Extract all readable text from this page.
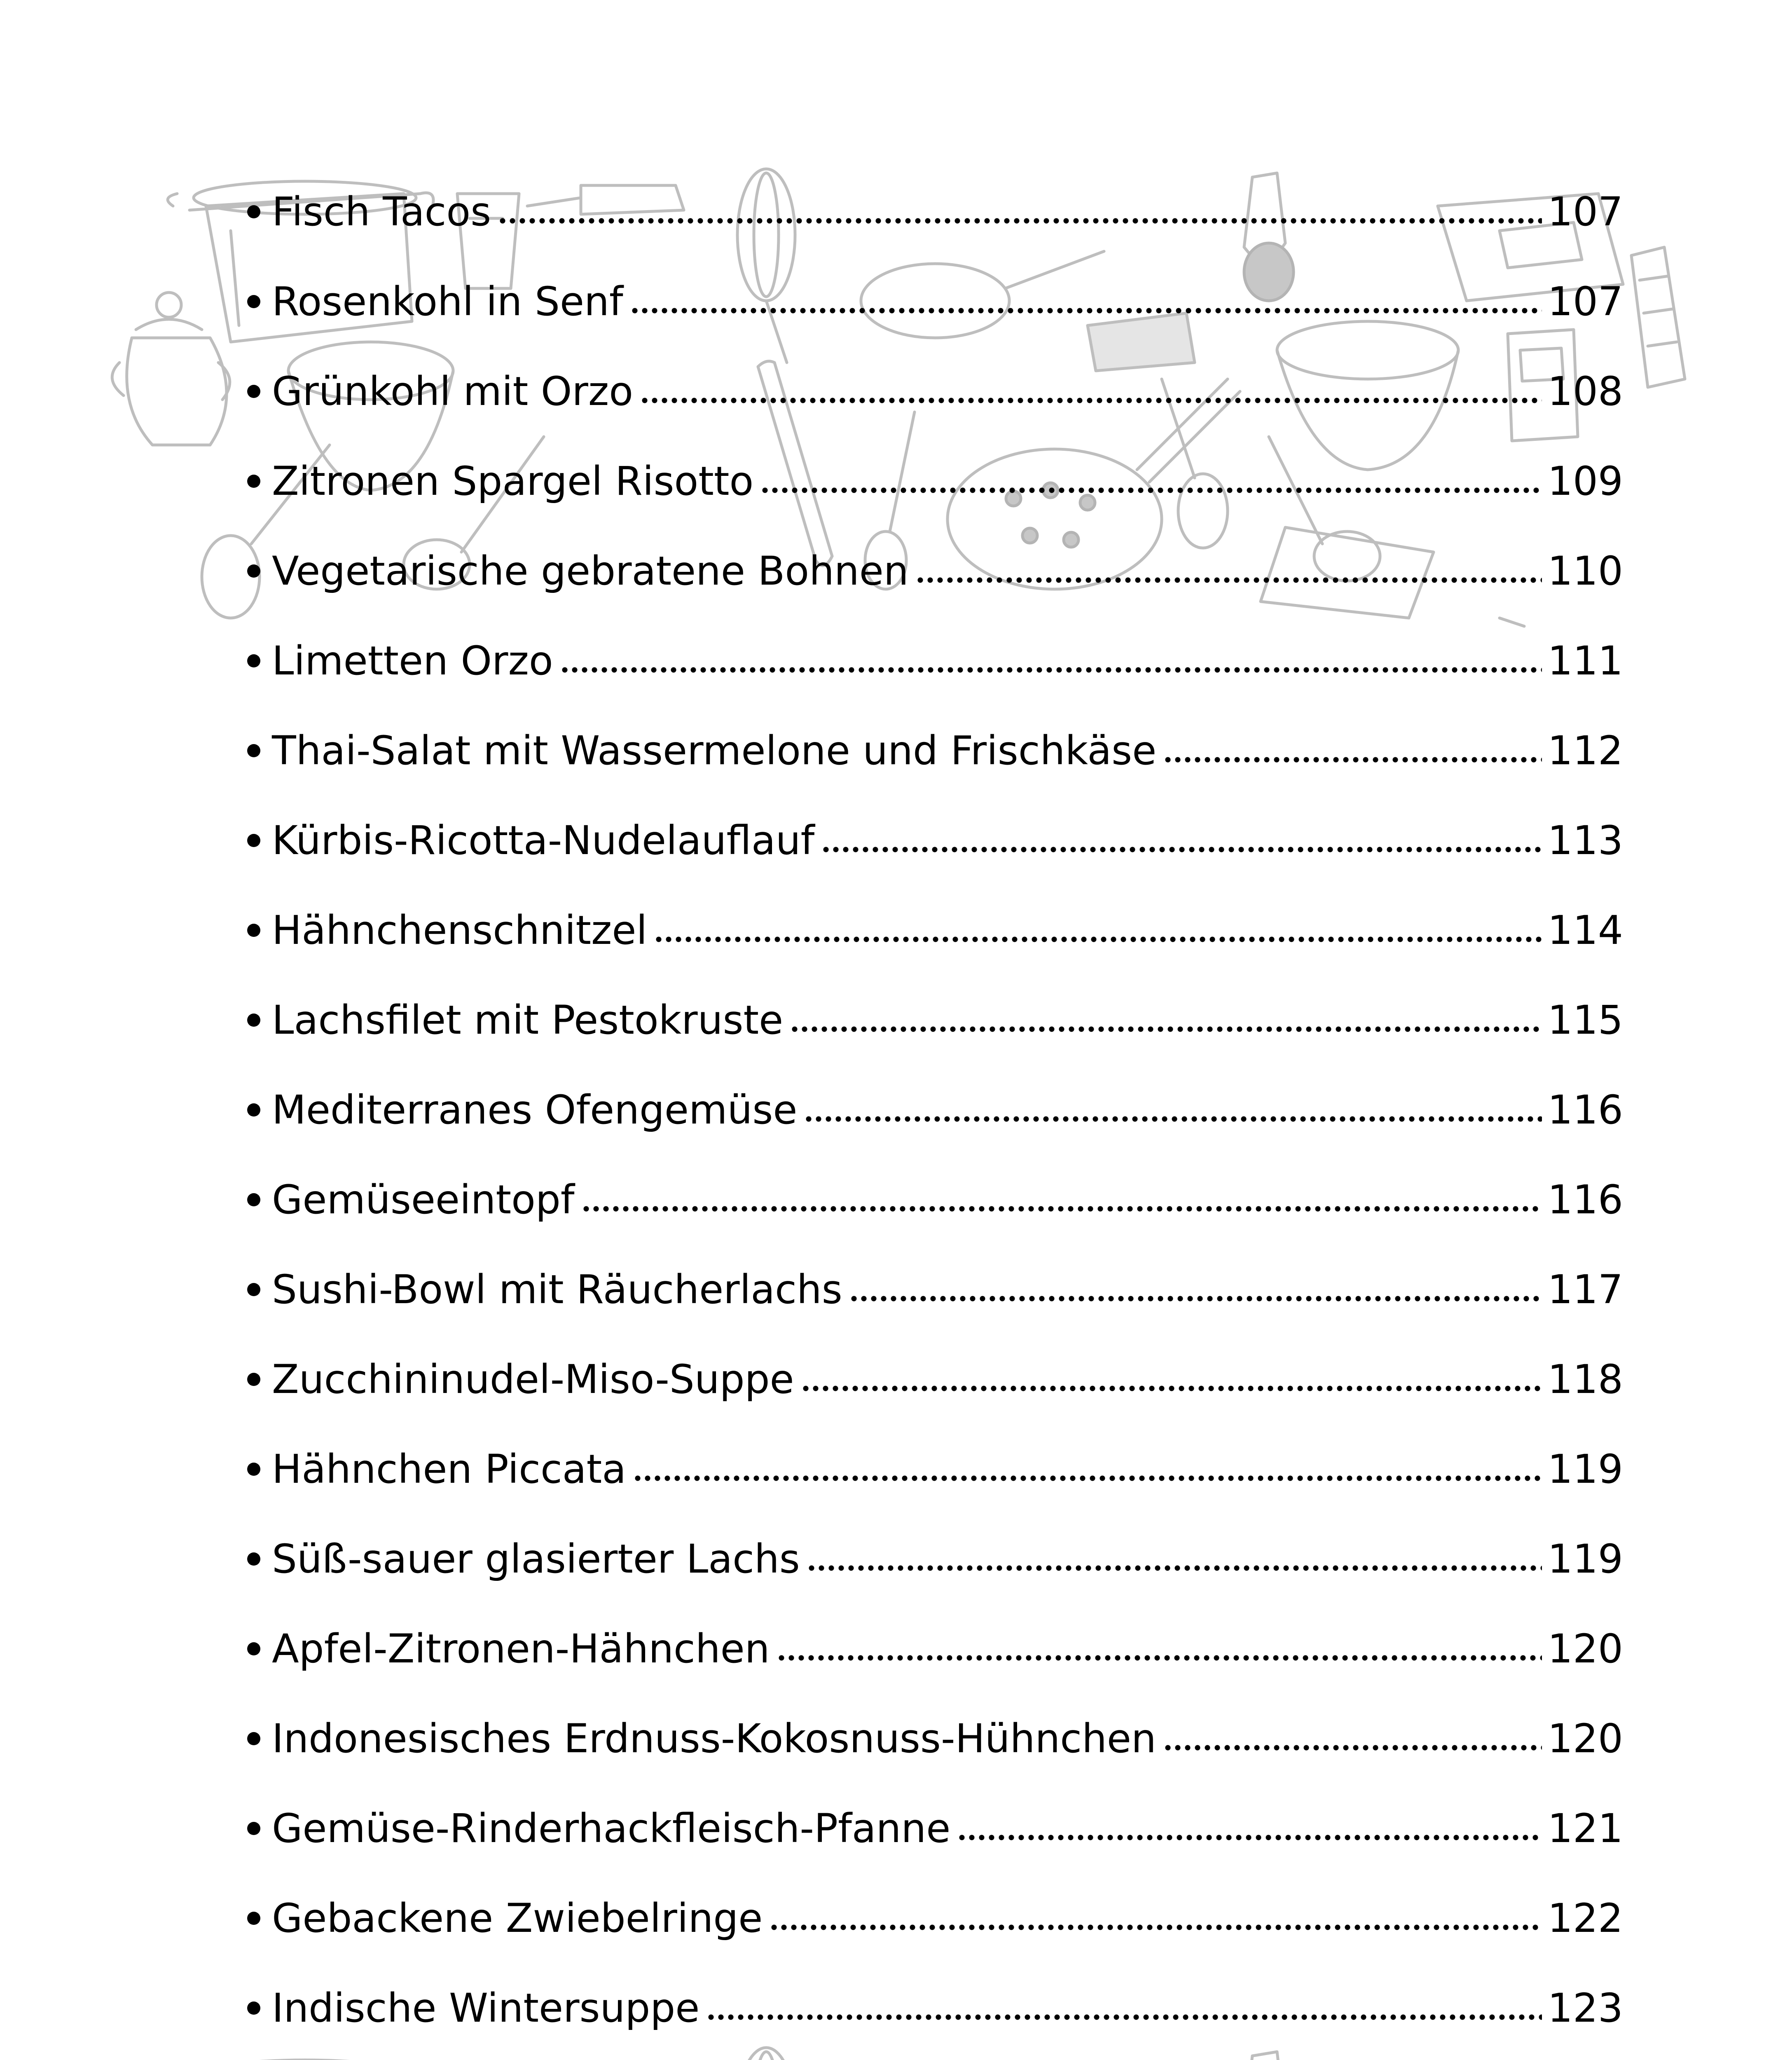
Fisch Tacos	107
Rosenkohl in Senf	107
Grünkohl mit Orzo	108
Zitronen Spargel Risotto	109
Vegetarische gebratene Bohnen	110
Limetten Orzo	111
Thai-Salat mit Wassermelone und Frischkäse	112
Kürbis-Ricotta-Nudelauflauf	113
Hähnchenschnitzel	114
Lachsfilet mit Pestokruste	115
Mediterranes Ofengemüse	116
Gemüseeintopf	116
Sushi-Bowl mit Räucherlachs	117
Zucchininudel-Miso-Suppe	118
Hähnchen Piccata	119
Süß-sauer glasierter Lachs	119
Apfel-Zitronen-Hähnchen	120
Indonesisches Erdnuss-Kokosnuss-Hühnchen	120
Gemüse-Rinderhackfleisch-Pfanne	121
Gebackene Zwiebelringe	122
Indische Wintersuppe	123
